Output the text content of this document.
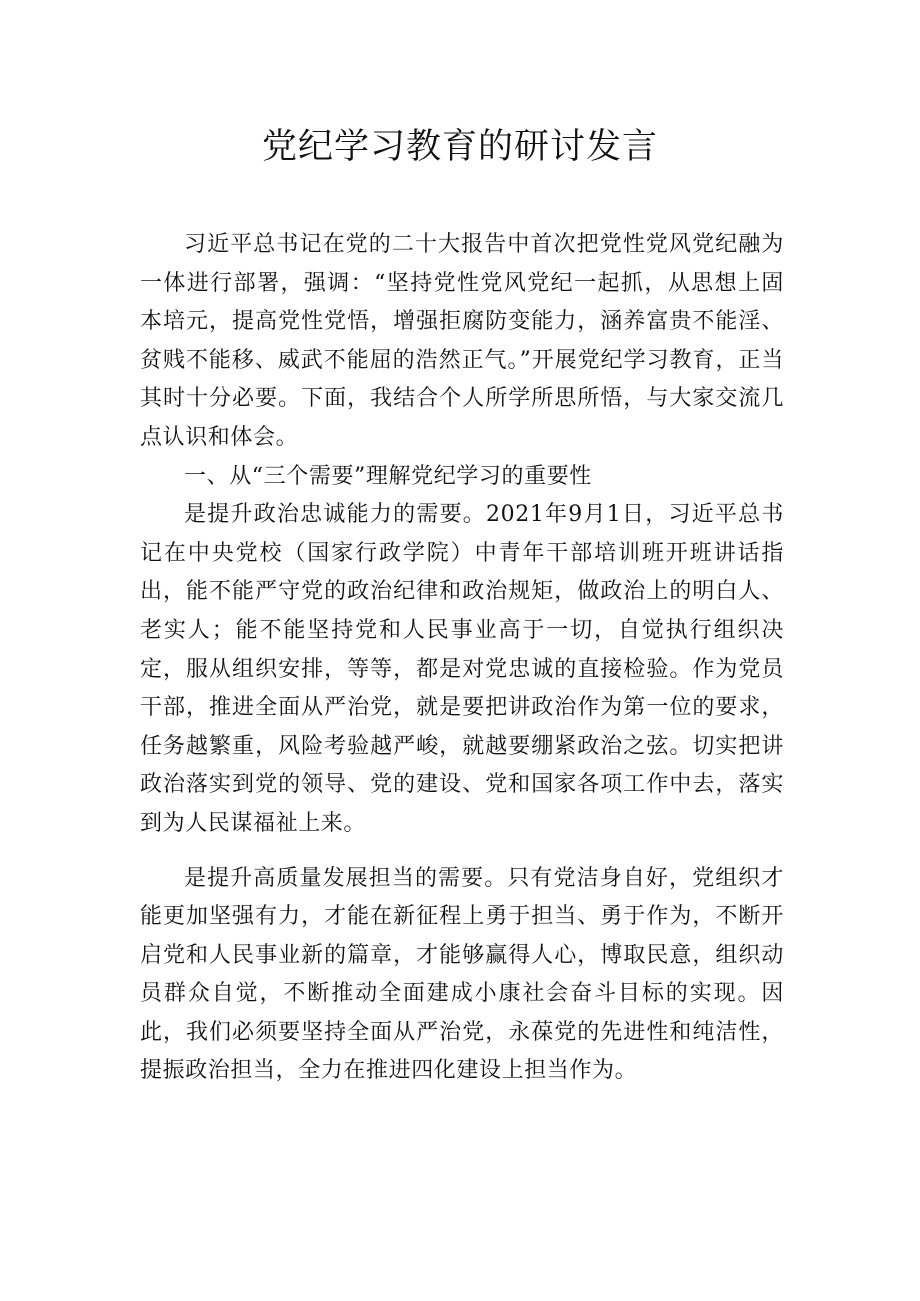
党纪学习教育的研讨发言

习近平总书记在党的二十大报告中首次把党性党风党纪融为一体进行部署，强调：“坚持党性党风党纪一起抓，从思想上固本培元，提高党性党悟，增强拒腐防变能力，涵养富贵不能淫、贫贱不能移、威武不能屈的浩然正气。”开展党纪学习教育，正当其时十分必要。下面，我结合个人所学所思所悟，与大家交流几点认识和体会。

一、从“三个需要”理解党纪学习的重要性

是提升政治忠诚能力的需要。2021年9月1日，习近平总书记在中央党校（国家行政学院）中青年干部培训班开班讲话指出，能不能严守党的政治纪律和政治规矩，做政治上的明白人、老实人；能不能坚持党和人民事业高于一切，自觉执行组织决定，服从组织安排，等等，都是对党忠诚的直接检验。作为党员干部，推进全面从严治党，就是要把讲政治作为第一位的要求，任务越繁重，风险考验越严峻，就越要绷紧政治之弦。切实把讲政治落实到党的领导、党的建设、党和国家各项工作中去，落实到为人民谋福祉上来。

是提升高质量发展担当的需要。只有党洁身自好，党组织才能更加坚强有力，才能在新征程上勇于担当、勇于作为，不断开启党和人民事业新的篇章，才能够赢得人心，博取民意，组织动员群众自觉，不断推动全面建成小康社会奋斗目标的实现。因此，我们必须要坚持全面从严治党，永葆党的先进性和纯洁性，提振政治担当，全力在推进四化建设上担当作为。
